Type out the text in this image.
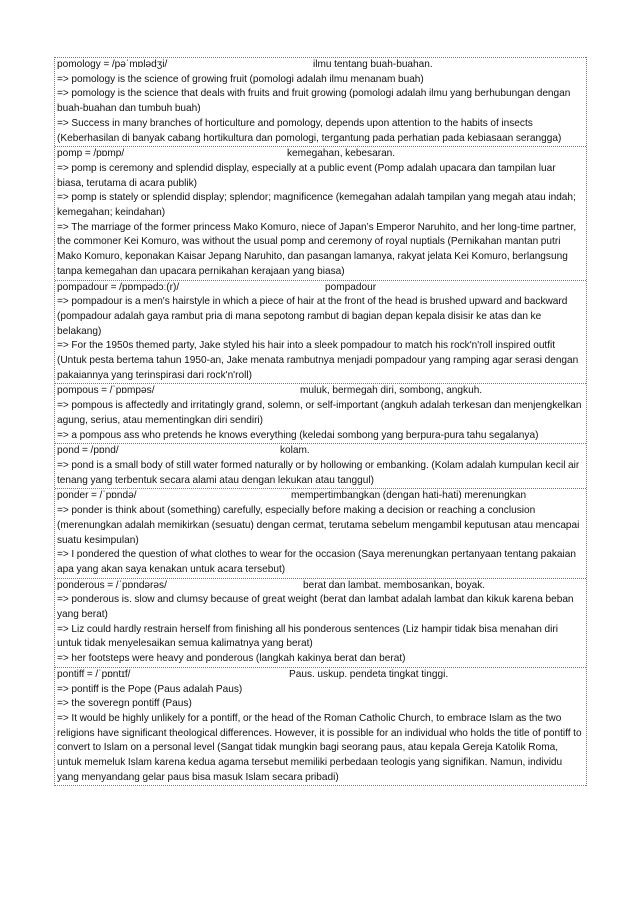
pomology = /pəˈmɒlədʒi/	ilmu tentang buah-buahan.
=> pomology is the science of growing fruit (pomologi adalah ilmu menanam buah)
=> pomology is the science that deals with fruits and fruit growing (pomologi adalah ilmu yang berhubungan dengan buah-buahan dan tumbuh buah)
=> Success in many branches of horticulture and pomology, depends upon attention to the habits of insects (Keberhasilan di banyak cabang hortikultura dan pomologi, tergantung pada perhatian pada kebiasaan serangga)
pomp = /pɒmp/	kemegahan, kebesaran.
=> pomp is ceremony and splendid display, especially at a public event (Pomp adalah upacara dan tampilan luar biasa, terutama di acara publik)
=> pomp is stately or splendid display; splendor; magnificence (kemegahan adalah tampilan yang megah atau indah; kemegahan; keindahan)
=> The marriage of the former princess Mako Komuro, niece of Japan’s Emperor Naruhito, and her long-time partner, the commoner Kei Komuro, was without the usual pomp and ceremony of royal nuptials (Pernikahan mantan putri Mako Komuro, keponakan Kaisar Jepang Naruhito, dan pasangan lamanya, rakyat jelata Kei Komuro, berlangsung tanpa kemegahan dan upacara pernikahan kerajaan yang biasa)
pompadour = /pɒmpədɔː(r)/	pompadour
=> pompadour is a men's hairstyle in which a piece of hair at the front of the head is brushed upward and backward (pompadour adalah gaya rambut pria di mana sepotong rambut di bagian depan kepala disisir ke atas dan ke belakang)
=> For the 1950s themed party, Jake styled his hair into a sleek pompadour to match his rock'n'roll inspired outfit (Untuk pesta bertema tahun 1950-an, Jake menata rambutnya menjadi pompadour yang ramping agar serasi dengan pakaiannya yang terinspirasi dari rock'n'roll)
pompous = /ˈpɒmpəs/	muluk, bermegah diri, sombong, angkuh.
=> pompous is affectedly and irritatingly grand, solemn, or self-important (angkuh adalah terkesan dan menjengkelkan agung, serius, atau mementingkan diri sendiri)
=> a pompous ass who pretends he knows everything (keledai sombong yang berpura-pura tahu segalanya)
pond = /pɒnd/	kolam.
=> pond is a small body of still water formed naturally or by hollowing or embanking. (Kolam adalah kumpulan kecil air tenang yang terbentuk secara alami atau dengan lekukan atau tanggul)
ponder = /ˈpɒndə/	mempertimbangkan (dengan hati-hati) merenungkan
=> ponder is think about (something) carefully, especially before making a decision or reaching a conclusion (merenungkan adalah memikirkan (sesuatu) dengan cermat, terutama sebelum mengambil keputusan atau mencapai suatu kesimpulan)
=> I pondered the question of what clothes to wear for the occasion (Saya merenungkan pertanyaan tentang pakaian apa yang akan saya kenakan untuk acara tersebut)
ponderous = /ˈpɒndərəs/	berat dan lambat. membosankan, boyak.
=> ponderous is. slow and clumsy because of great weight (berat dan lambat adalah lambat dan kikuk karena beban yang berat)
=> Liz could hardly restrain herself from finishing all his ponderous sentences (Liz hampir tidak bisa menahan diri untuk tidak menyelesaikan semua kalimatnya yang berat)
=> her footsteps were heavy and ponderous (langkah kakinya berat dan berat)
pontiff = /ˈpɒntɪf/	Paus. uskup. pendeta tingkat tinggi.
=> pontiff is the Pope (Paus adalah Paus)
=> the soveregn pontiff (Paus)
=> It would be highly unlikely for a pontiff, or the head of the Roman Catholic Church, to embrace Islam as the two religions have significant theological differences. However, it is possible for an individual who holds the title of pontiff to convert to Islam on a personal level (Sangat tidak mungkin bagi seorang paus, atau kepala Gereja Katolik Roma, untuk memeluk Islam karena kedua agama tersebut memiliki perbedaan teologis yang signifikan. Namun, individu yang menyandang gelar paus bisa masuk Islam secara pribadi)
